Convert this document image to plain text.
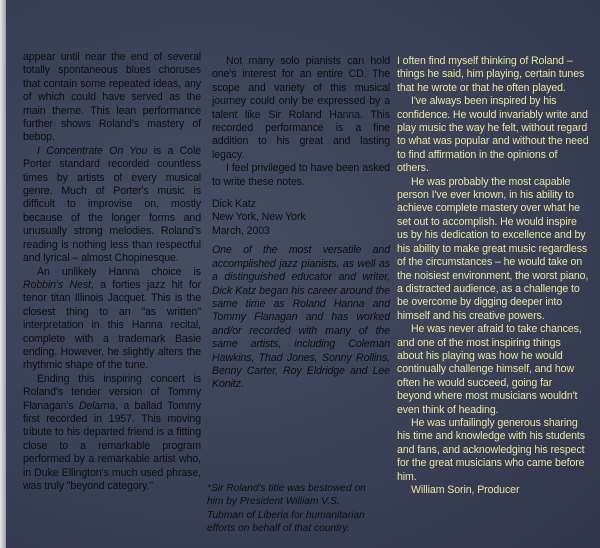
appear until near the end of several totally spontaneous blues choruses that contain some repeated ideas, any of which could have served as the main theme. This lean performance further shows Roland's mastery of bebop.

I Concentrate On You is a Cole Porter standard recorded countless times by artists of every musical genre. Much of Porter's music is difficult to improvise on, mostly because of the longer forms and unusually strong melodies. Roland's reading is nothing less than respectful and lyrical – almost Chopinesque.

An unlikely Hanna choice is Robbin's Nest, a forties jazz hit for tenor titan Illinois Jacquet. This is the closest thing to an "as written" interpretation in this Hanna recital, complete with a trademark Basie ending. However, he slightly alters the rhythmic shape of the tune.

Ending this inspiring concert is Roland's tender version of Tommy Flanagan's Delarna, a ballad Tommy first recorded in 1957. This moving tribute to his departed friend is a fitting close to a remarkable program performed by a remarkable artist who, in Duke Ellington's much used phrase, was truly "beyond category."

Not many solo pianists can hold one's interest for an entire CD. The scope and variety of this musical journey could only be expressed by a talent like Sir Roland Hanna. This recorded performance is a fine addition to his great and lasting legacy.

I feel privileged to have been asked to write these notes.

Dick Katz
New York, New York
March, 2003

One of the most versatile and accomplished jazz pianists, as well as a distinguished educator and writer, Dick Katz began his career around the same time as Roland Hanna and Tommy Flanagan and has worked and/or recorded with many of the same artists, including Coleman Hawkins, Thad Jones, Sonny Rollins, Benny Carter, Roy Eldridge and Lee Konitz.

*Sir Roland's title was bestowed on him by President William V.S. Tubman of Liberia for humanitarian efforts on behalf of that country.

I often find myself thinking of Roland – things he said, him playing, certain tunes that he wrote or that he often played.

I've always been inspired by his confidence. He would invariably write and play music the way he felt, without regard to what was popular and without the need to find affirmation in the opinions of others.

He was probably the most capable person I've ever known, in his ability to achieve complete mastery over what he set out to accomplish. He would inspire us by his dedication to excellence and by his ability to make great music regardless of the circumstances – he would take on the noisiest environment, the worst piano, a distracted audience, as a challenge to be overcome by digging deeper into himself and his creative powers.

He was never afraid to take chances, and one of the most inspiring things about his playing was how he would continually challenge himself, and how often he would succeed, going far beyond where most musicians wouldn't even think of heading.

He was unfailingly generous sharing his time and knowledge with his students and fans, and acknowledging his respect for the great musicians who came before him.

William Sorin, Producer
